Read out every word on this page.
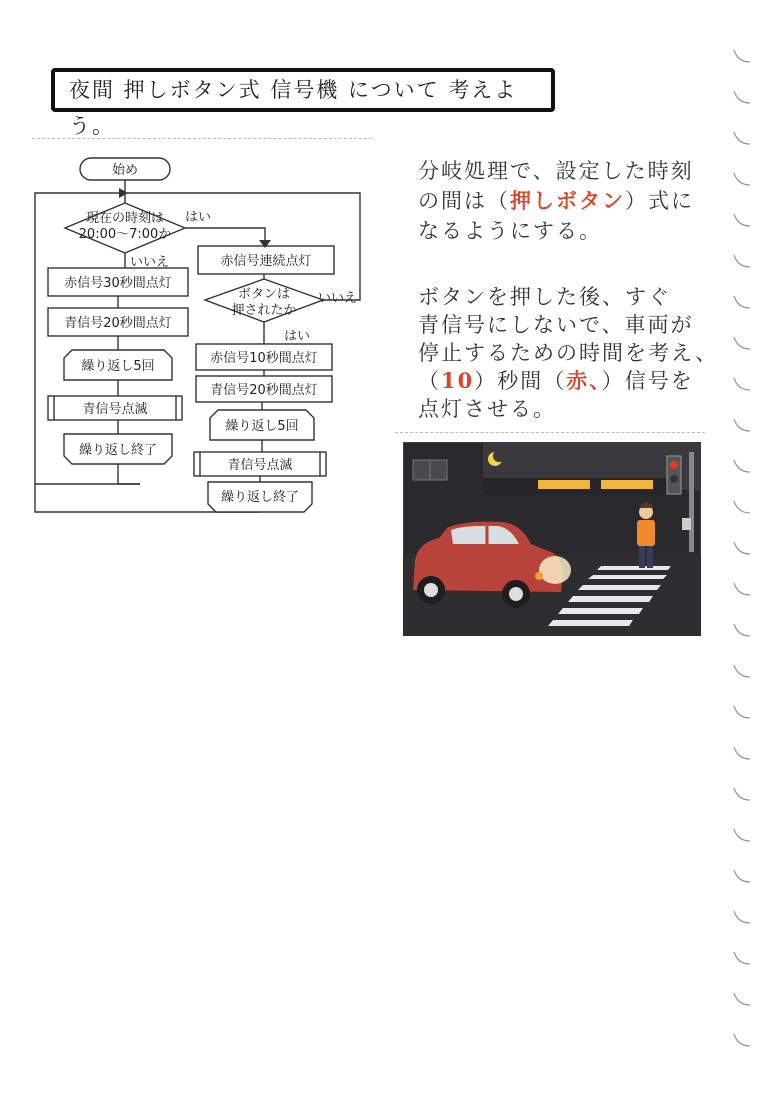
夜間 押しボタン式 信号機 について 考えよう。
始め
現在の時刻は
20:00〜7:00か
はい
いいえ
赤信号30秒間点灯
青信号20秒間点灯
繰り返し5回
青信号点滅
繰り返し終了
赤信号連続点灯
ボタンは
押されたか
いいえ
はい
赤信号10秒間点灯
青信号20秒間点灯
繰り返し5回
青信号点滅
繰り返し終了
分岐処理で、設定した時刻
の間は（押しボタン）式に
なるようにする。
ボタンを押した後、すぐ
青信号にしないで、車両が
停止するための時間を考え、
（10）秒間（赤、）信号を
点灯させる。
